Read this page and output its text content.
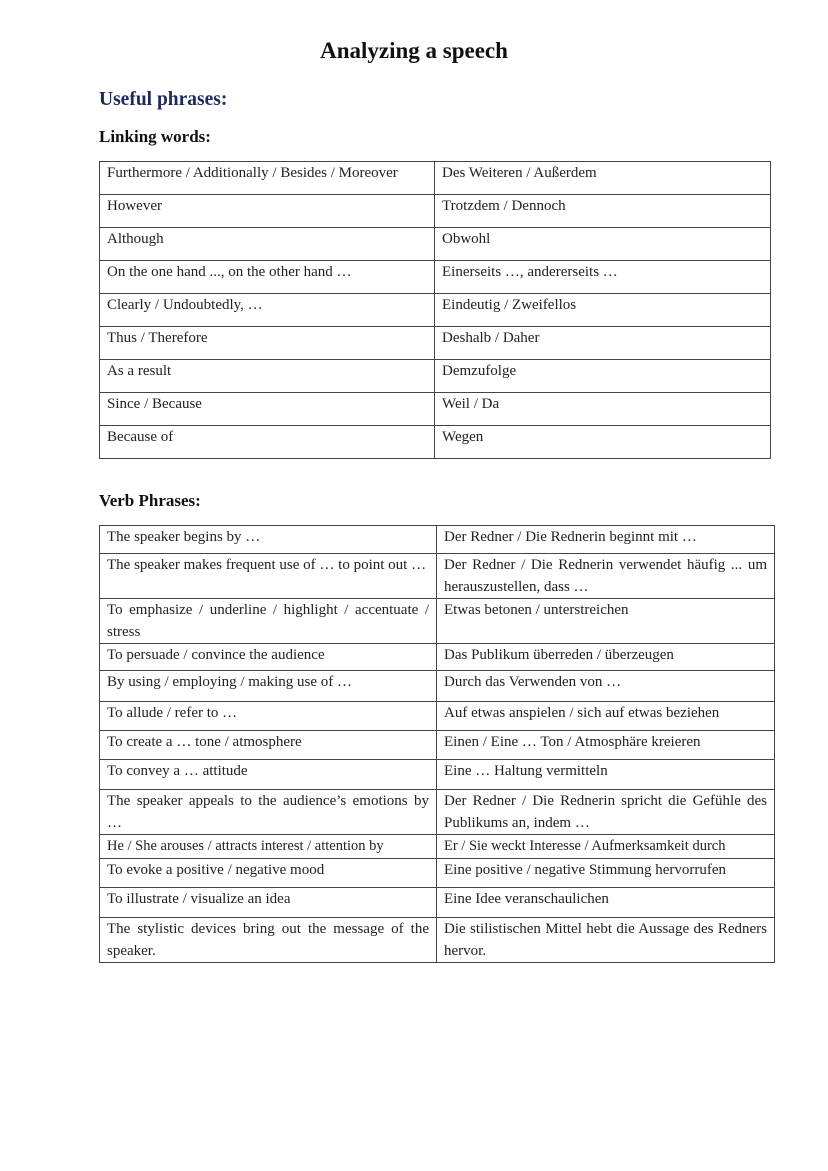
Analyzing a speech
Useful phrases:
Linking words:
Furthermore / Additionally / Besides / Moreover	Des Weiteren / Außerdem
However	Trotzdem / Dennoch
Although	Obwohl
On the one hand ..., on the other hand …	Einerseits …, andererseits …
Clearly / Undoubtedly, …	Eindeutig / Zweifellos
Thus / Therefore	Deshalb / Daher
As a result	Demzufolge
Since / Because	Weil / Da
Because of	Wegen
Verb Phrases:
The speaker begins by …	Der Redner / Die Rednerin beginnt mit …
The speaker makes frequent use of … to point out …	Der Redner / Die Rednerin verwendet häufig ... um herauszustellen, dass …
To emphasize / underline / highlight / accentuate / stress	Etwas betonen / unterstreichen
To persuade / convince the audience	Das Publikum überreden / überzeugen
By using / employing / making use of …	Durch das Verwenden von …
To allude / refer to …	Auf etwas anspielen / sich auf etwas beziehen
To create a … tone / atmosphere	Einen / Eine … Ton / Atmosphäre kreieren
To convey a … attitude	Eine … Haltung vermitteln
The speaker appeals to the audience’s emotions by …	Der Redner / Die Rednerin spricht die Gefühle des Publikums an, indem …
He / She arouses / attracts interest / attention by	Er / Sie weckt Interesse / Aufmerksamkeit durch
To evoke a positive / negative mood	Eine positive / negative Stimmung hervorrufen
To illustrate / visualize an idea	Eine Idee veranschaulichen
The stylistic devices bring out the message of the speaker.	Die stilistischen Mittel hebt die Aussage des Redners hervor.
